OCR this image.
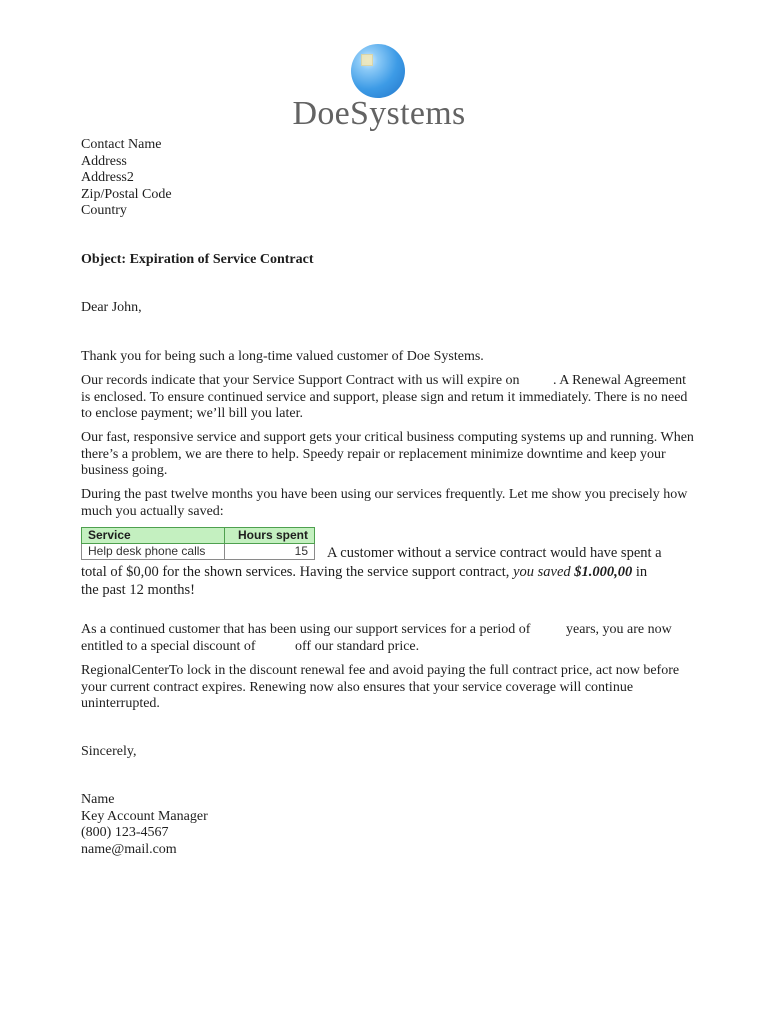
DoeSystems

Contact Name

Address

Address2

Zip/Postal Code

Country

Object: Expiration of Service Contract

Dear John,

Thank you for being such a long-time valued customer of Doe Systems.

Our records indicate that your Service Support Contract with us will expire on . A Renewal Agreement

is enclosed. To ensure continued service and support, please sign and retum it immediately. There is no need

to enclose payment; we’ll bill you later.

Our fast, responsive service and support gets your critical business computing systems up and running. When

there’s a problem, we are there to help. Speedy repair or replacement minimize downtime and keep your

business going.

During the past twelve months you have been using our services frequently. Let me show you precisely how

much you actually saved:

Service	Hours spent
Help desk phone calls	15 A customer without a service contract would have spent a

total of $0,00 for the shown services. Having the service support contract, you saved $1.000,00 in

the past 12 months!

As a continued customer that has been using our support services for a period of	years, you are now

entitled to a special discount of	off our standard price.

RegionalCenterTo lock in the discount renewal fee and avoid paying the full contract price, act now before

your current contract expires. Renewing now also ensures that your service coverage will continue

uninterrupted.

Sincerely,

Name

Key Account Manager

(800) 123-4567

name@mail.com
